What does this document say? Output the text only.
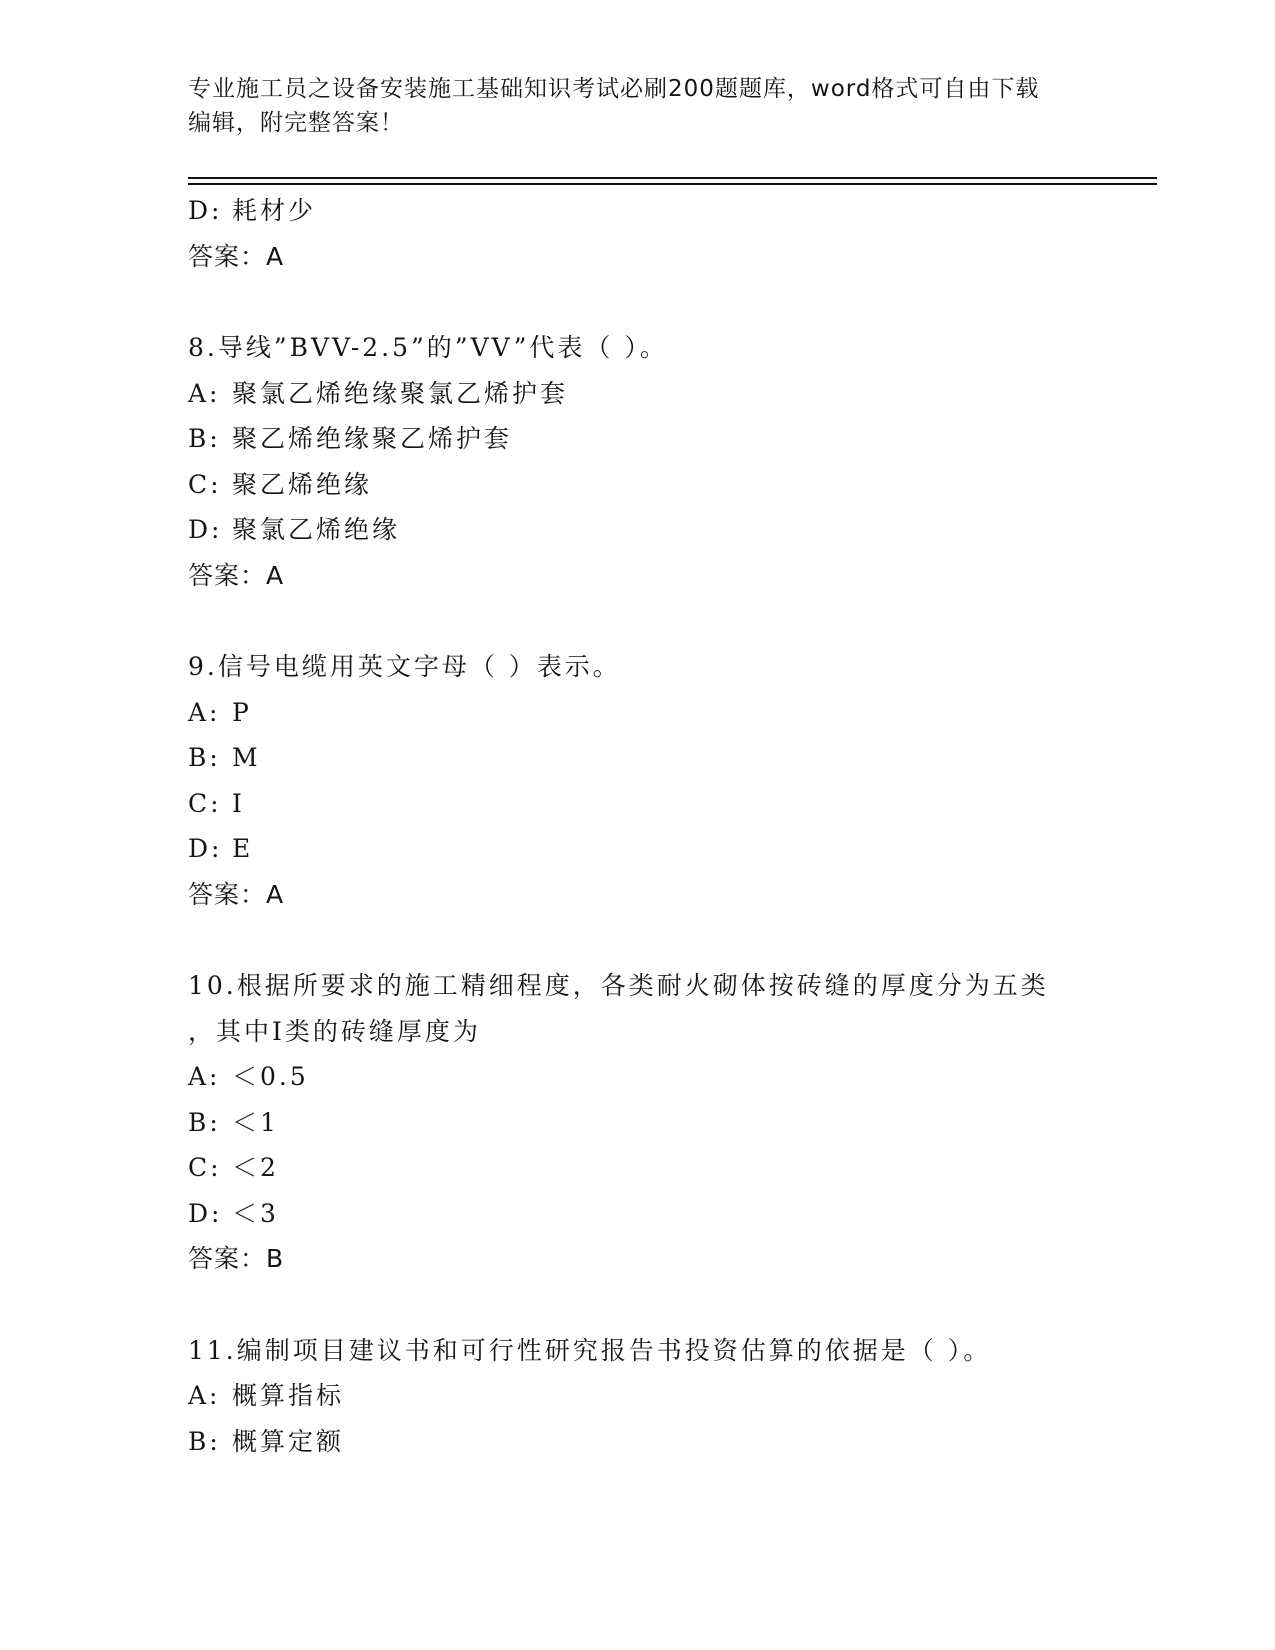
专业施工员之设备安装施工基础知识考试必刷200题题库，word格式可自由下载
编辑，附完整答案！
D: 耗材少
答案：A
8.导线”BVV-2.5”的”VV”代表（ ）。
A: 聚氯乙烯绝缘聚氯乙烯护套
B: 聚乙烯绝缘聚乙烯护套
C: 聚乙烯绝缘
D: 聚氯乙烯绝缘
答案：A
9.信号电缆用英文字母（ ）表示。
A: P
B: M
C: I
D: E
答案：A
10.根据所要求的施工精细程度，各类耐火砌体按砖缝的厚度分为五类
，其中I类的砖缝厚度为
A: ＜0.5
B: ＜1
C: ＜2
D: ＜3
答案：B
11.编制项目建议书和可行性研究报告书投资估算的依据是（ ）。
A: 概算指标
B: 概算定额
